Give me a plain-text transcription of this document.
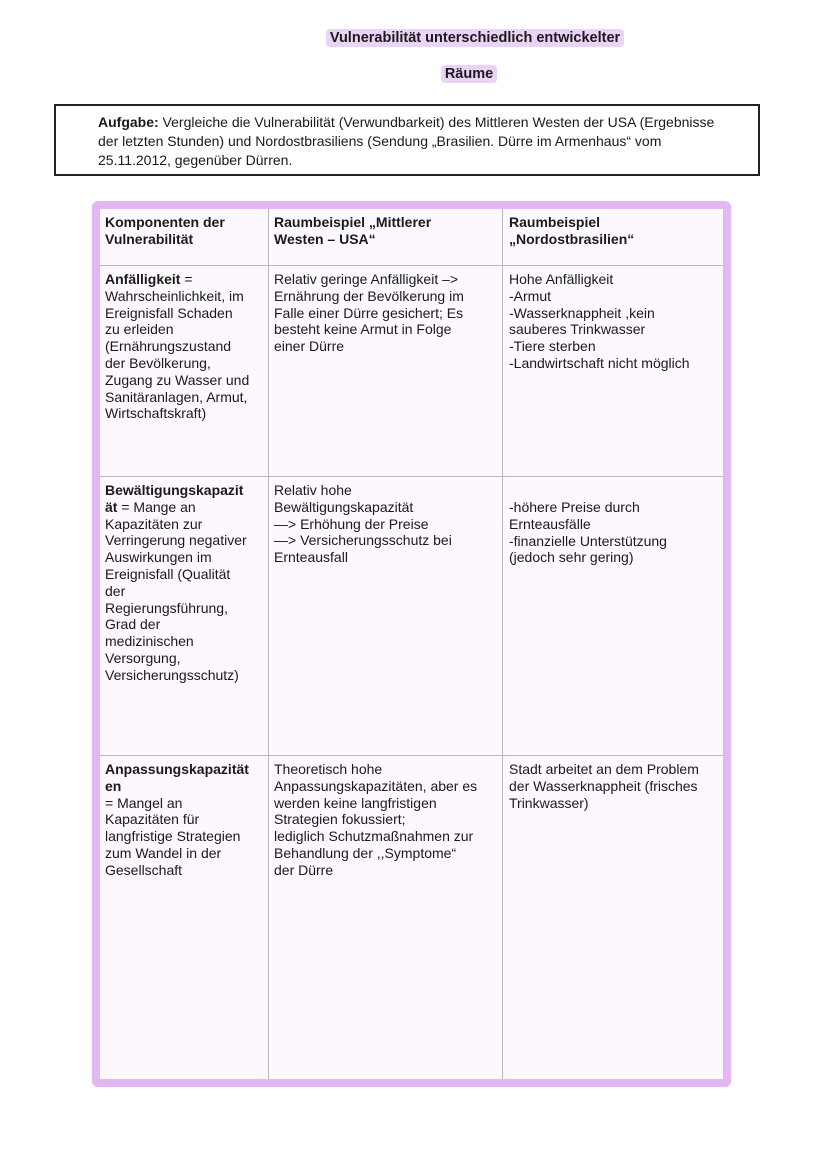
Vulnerabilität unterschiedlich entwickelter
Räume
Aufgabe: Vergleiche die Vulnerabilität (Verwundbarkeit) des Mittleren Westen der USA (Ergebnisse der letzten Stunden) und Nordostbrasiliens (Sendung „Brasilien. Dürre im Armenhaus“ vom 25.11.2012, gegenüber Dürren.
Komponenten der
Vulnerabilität
Raumbeispiel „Mittlerer
Westen – USA“
Raumbeispiel
„Nordostbrasilien“
Anfälligkeit =
Wahrscheinlichkeit, im
Ereignisfall Schaden
zu erleiden
(Ernährungszustand
der Bevölkerung,
Zugang zu Wasser und
Sanitäranlagen, Armut,
Wirtschaftskraft)
Relativ geringe Anfälligkeit –>
Ernährung der Bevölkerung im
Falle einer Dürre gesichert; Es
besteht keine Armut in Folge
einer Dürre
Hohe Anfälligkeit
-Armut
-Wasserknappheit ,kein
sauberes Trinkwasser
-Tiere sterben
-Landwirtschaft nicht möglich
Bewältigungskapazit
ät = Mange an
Kapazitäten zur
Verringerung negativer
Auswirkungen im
Ereignisfall (Qualität
der
Regierungsführung,
Grad der
medizinischen
Versorgung,
Versicherungsschutz)
Relativ hohe
Bewältigungskapazität
—> Erhöhung der Preise
—> Versicherungsschutz bei
Ernteausfall
-höhere Preise durch
Ernteausfälle
-finanzielle Unterstützung
(jedoch sehr gering)
Anpassungskapazität
en
= Mangel an
Kapazitäten für
langfristige Strategien
zum Wandel in der
Gesellschaft
Theoretisch hohe
Anpassungskapazitäten, aber es
werden keine langfristigen
Strategien fokussiert;
lediglich Schutzmaßnahmen zur
Behandlung der ,,Symptome“
der Dürre
Stadt arbeitet an dem Problem
der Wasserknappheit (frisches
Trinkwasser)
